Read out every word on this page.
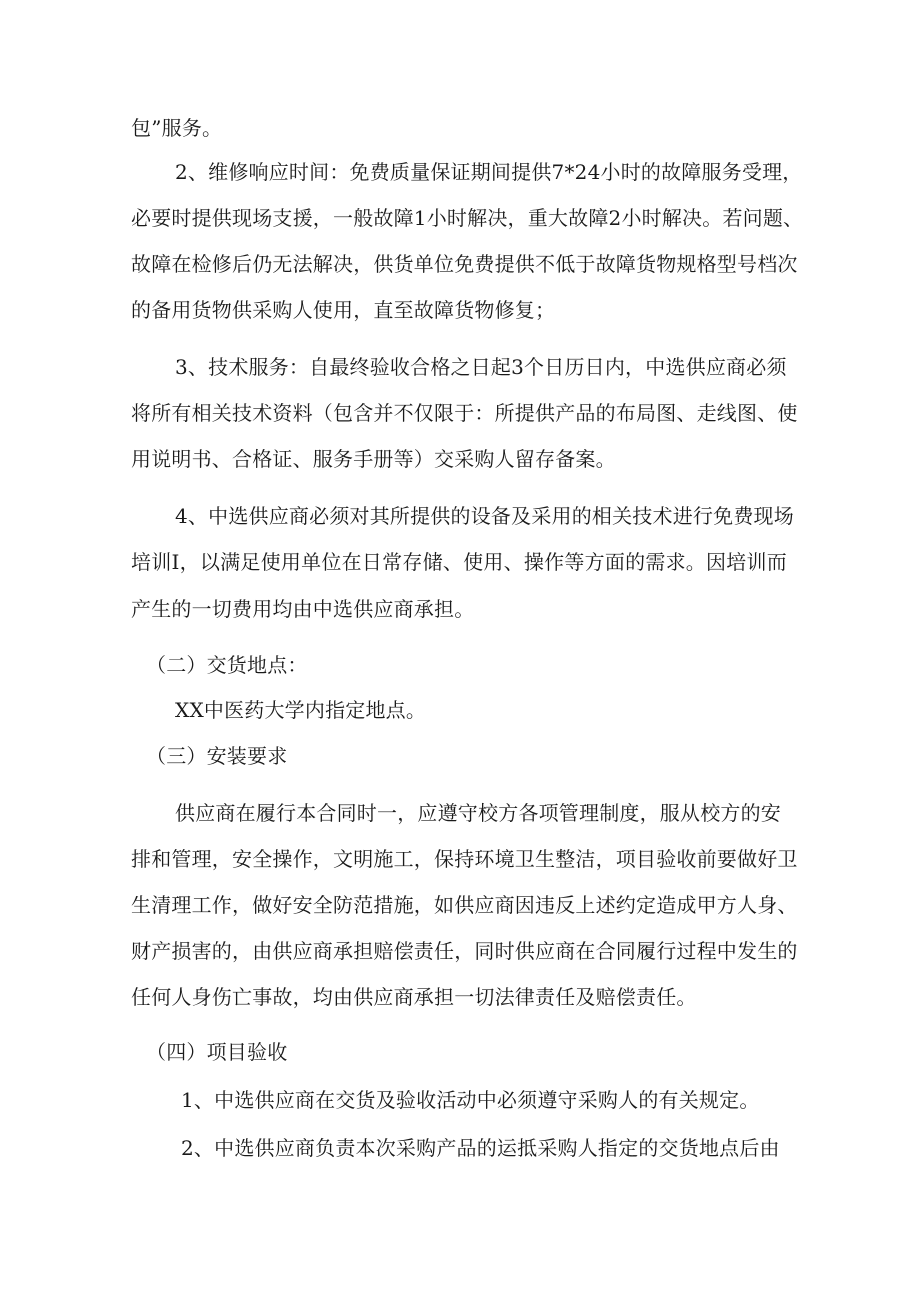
包”服务。
2、维修响应时间：免费质量保证期间提供7*24小时的故障服务受理，
必要时提供现场支援，一般故障1小时解决，重大故障2小时解决。若问题、
故障在检修后仍无法解决，供货单位免费提供不低于故障货物规格型号档次
的备用货物供采购人使用，直至故障货物修复；
3、技术服务：自最终验收合格之日起3个日历日内，中选供应商必须
将所有相关技术资料（包含并不仅限于：所提供产品的布局图、走线图、使
用说明书、合格证、服务手册等）交采购人留存备案。
4、中选供应商必须对其所提供的设备及采用的相关技术进行免费现场
培训I，以满足使用单位在日常存储、使用、操作等方面的需求。因培训而
产生的一切费用均由中选供应商承担。
（二）交货地点：
XX中医药大学内指定地点。
（三）安装要求
供应商在履行本合同时一，应遵守校方各项管理制度，服从校方的安
排和管理，安全操作，文明施工，保持环境卫生整洁，项目验收前要做好卫
生清理工作，做好安全防范措施，如供应商因违反上述约定造成甲方人身、
财产损害的，由供应商承担赔偿责任，同时供应商在合同履行过程中发生的
任何人身伤亡事故，均由供应商承担一切法律责任及赔偿责任。
（四）项目验收
1、中选供应商在交货及验收活动中必须遵守采购人的有关规定。
2、中选供应商负责本次采购产品的运抵采购人指定的交货地点后由
